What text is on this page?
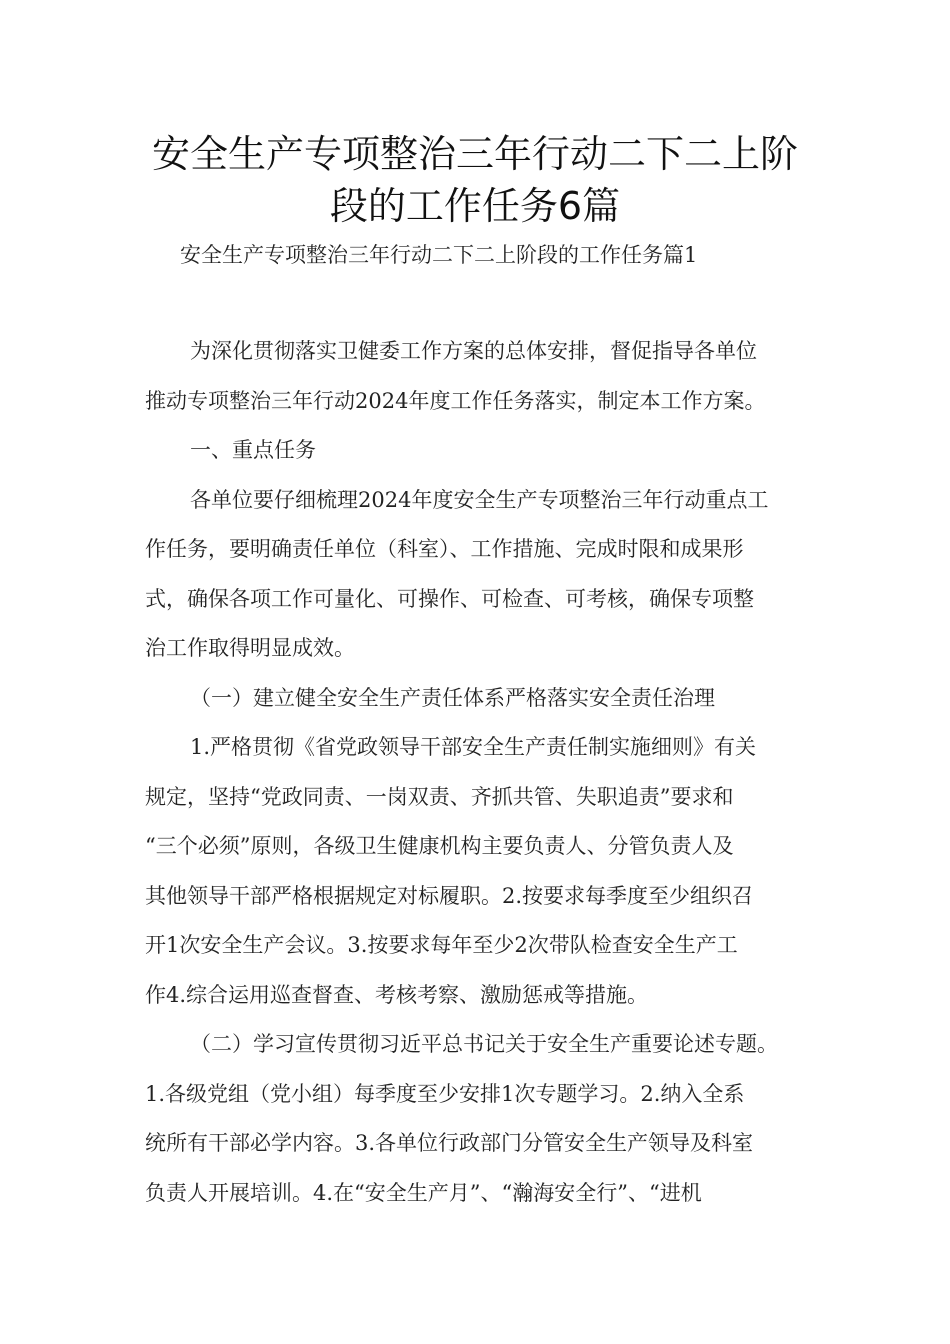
安全生产专项整治三年行动二下二上阶
段的工作任务6篇
安全生产专项整治三年行动二下二上阶段的工作任务篇1
为深化贯彻落实卫健委工作方案的总体安排，督促指导各单位
推动专项整治三年行动2024年度工作任务落实，制定本工作方案。
一、重点任务
各单位要仔细梳理2024年度安全生产专项整治三年行动重点工
作任务，要明确责任单位（科室）、工作措施、完成时限和成果形
式，确保各项工作可量化、可操作、可检查、可考核，确保专项整
治工作取得明显成效。
（一）建立健全安全生产责任体系严格落实安全责任治理
1.严格贯彻《省党政领导干部安全生产责任制实施细则》有关
规定，坚持“党政同责、一岗双责、齐抓共管、失职追责”要求和
“三个必须”原则，各级卫生健康机构主要负责人、分管负责人及
其他领导干部严格根据规定对标履职。2.按要求每季度至少组织召
开1次安全生产会议。3.按要求每年至少2次带队检查安全生产工
作4.综合运用巡查督查、考核考察、激励惩戒等措施。
（二）学习宣传贯彻习近平总书记关于安全生产重要论述专题。
1.各级党组（党小组）每季度至少安排1次专题学习。2.纳入全系
统所有干部必学内容。3.各单位行政部门分管安全生产领导及科室
负责人开展培训。4.在“安全生产月”、“瀚海安全行”、“进机
